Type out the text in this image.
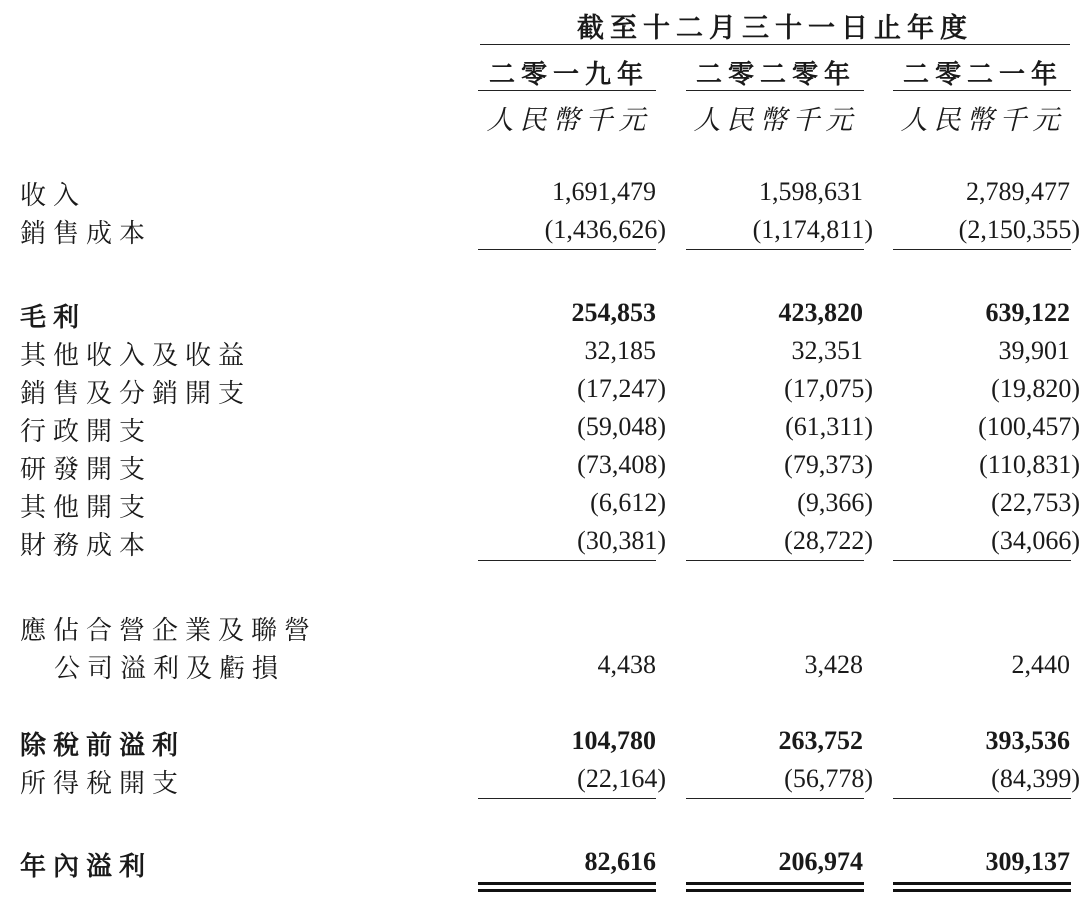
截至十二月三十一日止年度
二零一九年 二零二零年 二零二一年
人民幣千元 人民幣千元 人民幣千元
收入	1,691,479	1,598,631	2,789,477
銷售成本	(1,436,626)	(1,174,811)	(2,150,355)
毛利	254,853	423,820	639,122
其他收入及收益	32,185	32,351	39,901
銷售及分銷開支	(17,247)	(17,075)	(19,820)
行政開支	(59,048)	(61,311)	(100,457)
研發開支	(73,408)	(79,373)	(110,831)
其他開支	(6,612)	(9,366)	(22,753)
財務成本	(30,381)	(28,722)	(34,066)
應佔合營企業及聯營
公司溢利及虧損	4,438	3,428	2,440
除稅前溢利	104,780	263,752	393,536
所得稅開支	(22,164)	(56,778)	(84,399)
年內溢利	82,616	206,974	309,137
